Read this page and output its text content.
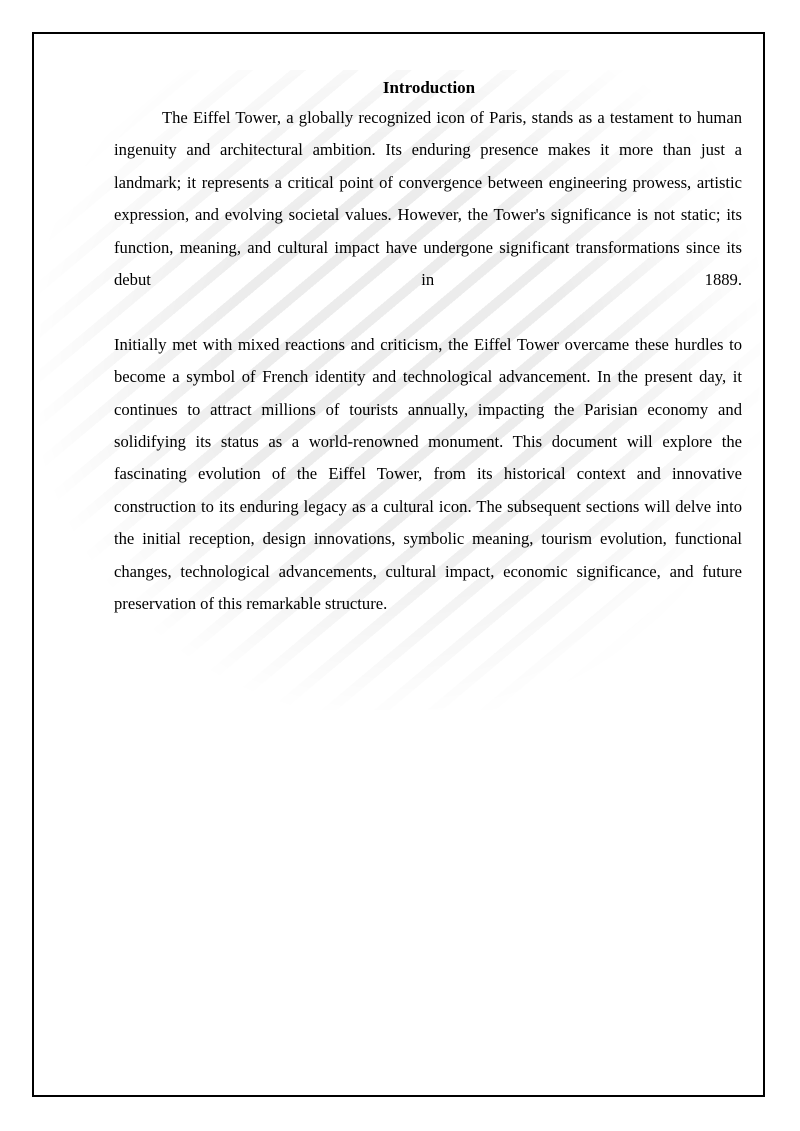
Introduction

The Eiffel Tower, a globally recognized icon of Paris, stands as a testament to human ingenuity and architectural ambition. Its enduring presence makes it more than just a landmark; it represents a critical point of convergence between engineering prowess, artistic expression, and evolving societal values. However, the Tower's significance is not static; its function, meaning, and cultural impact have undergone significant transformations since its debut in 1889.

Initially met with mixed reactions and criticism, the Eiffel Tower overcame these hurdles to become a symbol of French identity and technological advancement. In the present day, it continues to attract millions of tourists annually, impacting the Parisian economy and solidifying its status as a world-renowned monument. This document will explore the fascinating evolution of the Eiffel Tower, from its historical context and innovative construction to its enduring legacy as a cultural icon. The subsequent sections will delve into the initial reception, design innovations, symbolic meaning, tourism evolution, functional changes, technological advancements, cultural impact, economic significance, and future preservation of this remarkable structure.
